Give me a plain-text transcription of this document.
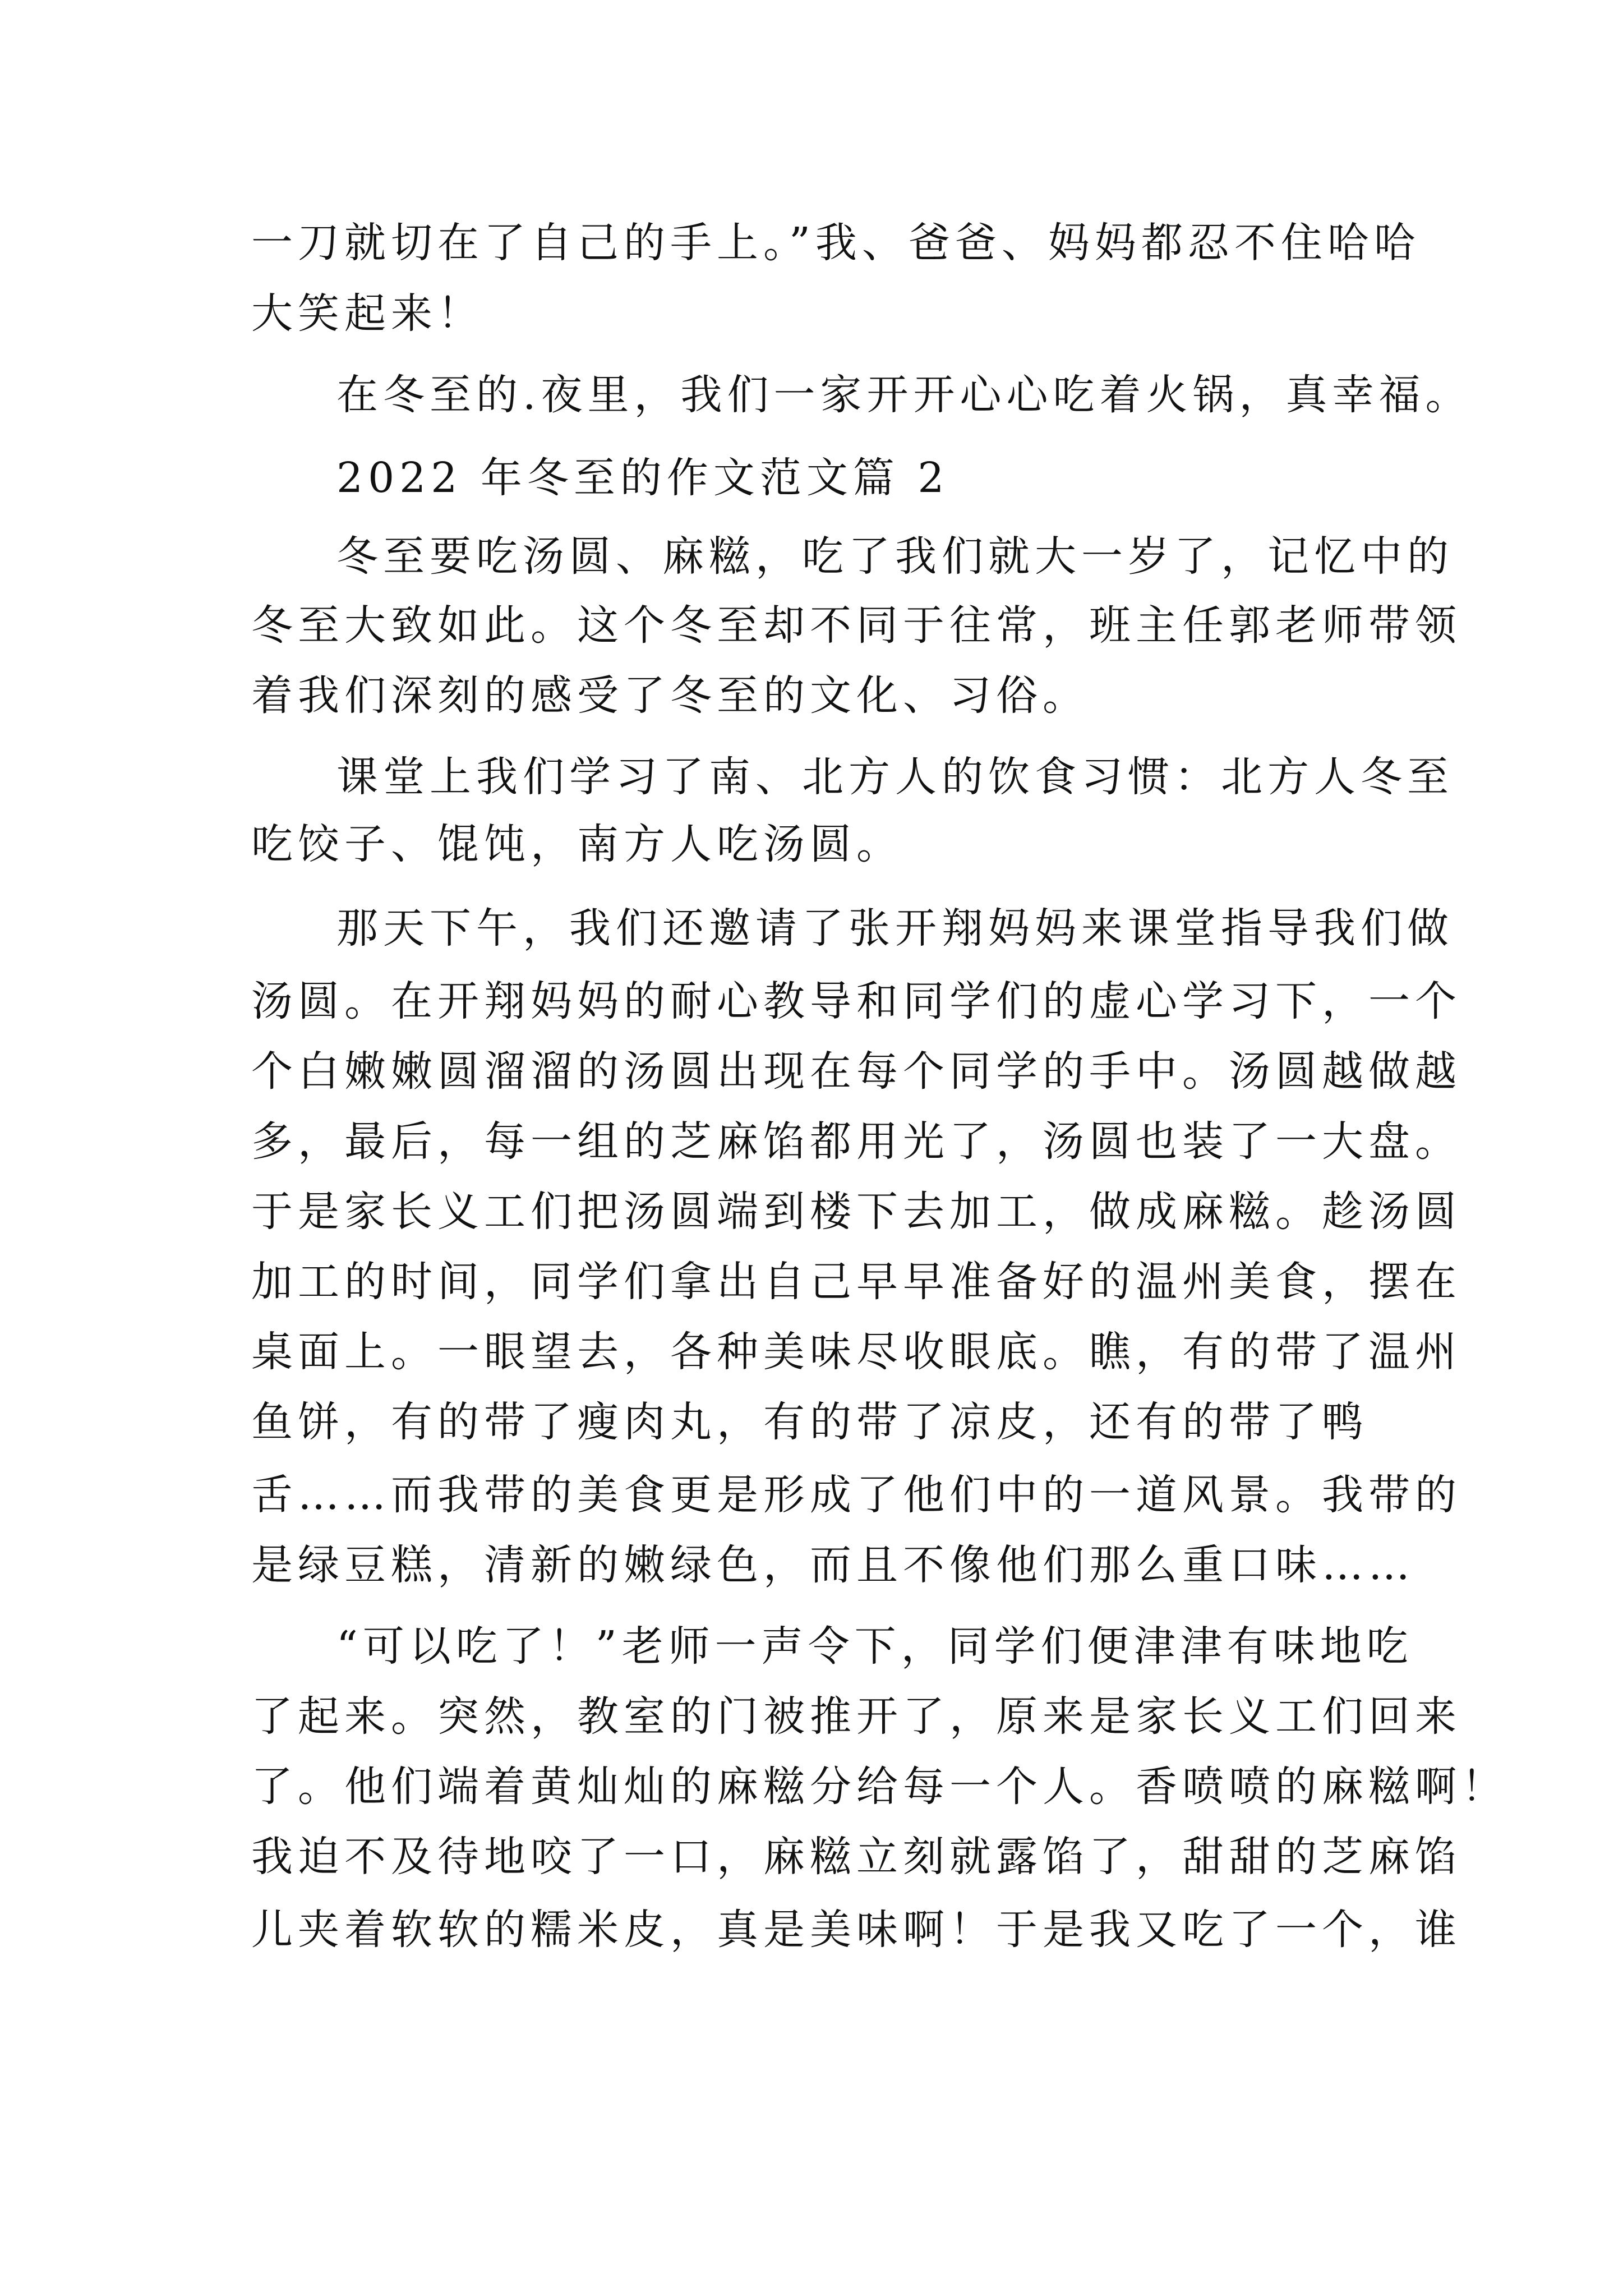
一刀就切在了自己的手上。”我、爸爸、妈妈都忍不住哈哈

大笑起来！

在冬至的.夜里，我们一家开开心心吃着火锅，真幸福。

2022 年冬至的作文范文篇 2

冬至要吃汤圆、麻糍，吃了我们就大一岁了，记忆中的

冬至大致如此。这个冬至却不同于往常，班主任郭老师带领

着我们深刻的感受了冬至的文化、习俗。

课堂上我们学习了南、北方人的饮食习惯：北方人冬至

吃饺子、馄饨，南方人吃汤圆。

那天下午，我们还邀请了张开翔妈妈来课堂指导我们做

汤圆。在开翔妈妈的耐心教导和同学们的虚心学习下，一个

个白嫩嫩圆溜溜的汤圆出现在每个同学的手中。汤圆越做越

多，最后，每一组的芝麻馅都用光了，汤圆也装了一大盘。

于是家长义工们把汤圆端到楼下去加工，做成麻糍。趁汤圆

加工的时间，同学们拿出自己早早准备好的温州美食，摆在

桌面上。一眼望去，各种美味尽收眼底。瞧，有的带了温州

鱼饼，有的带了瘦肉丸，有的带了凉皮，还有的带了鸭

舌……而我带的美食更是形成了他们中的一道风景。我带的

是绿豆糕，清新的嫩绿色，而且不像他们那么重口味……

“可以吃了！”老师一声令下，同学们便津津有味地吃

了起来。突然，教室的门被推开了，原来是家长义工们回来

了。他们端着黄灿灿的麻糍分给每一个人。香喷喷的麻糍啊！

我迫不及待地咬了一口，麻糍立刻就露馅了，甜甜的芝麻馅

儿夹着软软的糯米皮，真是美味啊！于是我又吃了一个，谁
